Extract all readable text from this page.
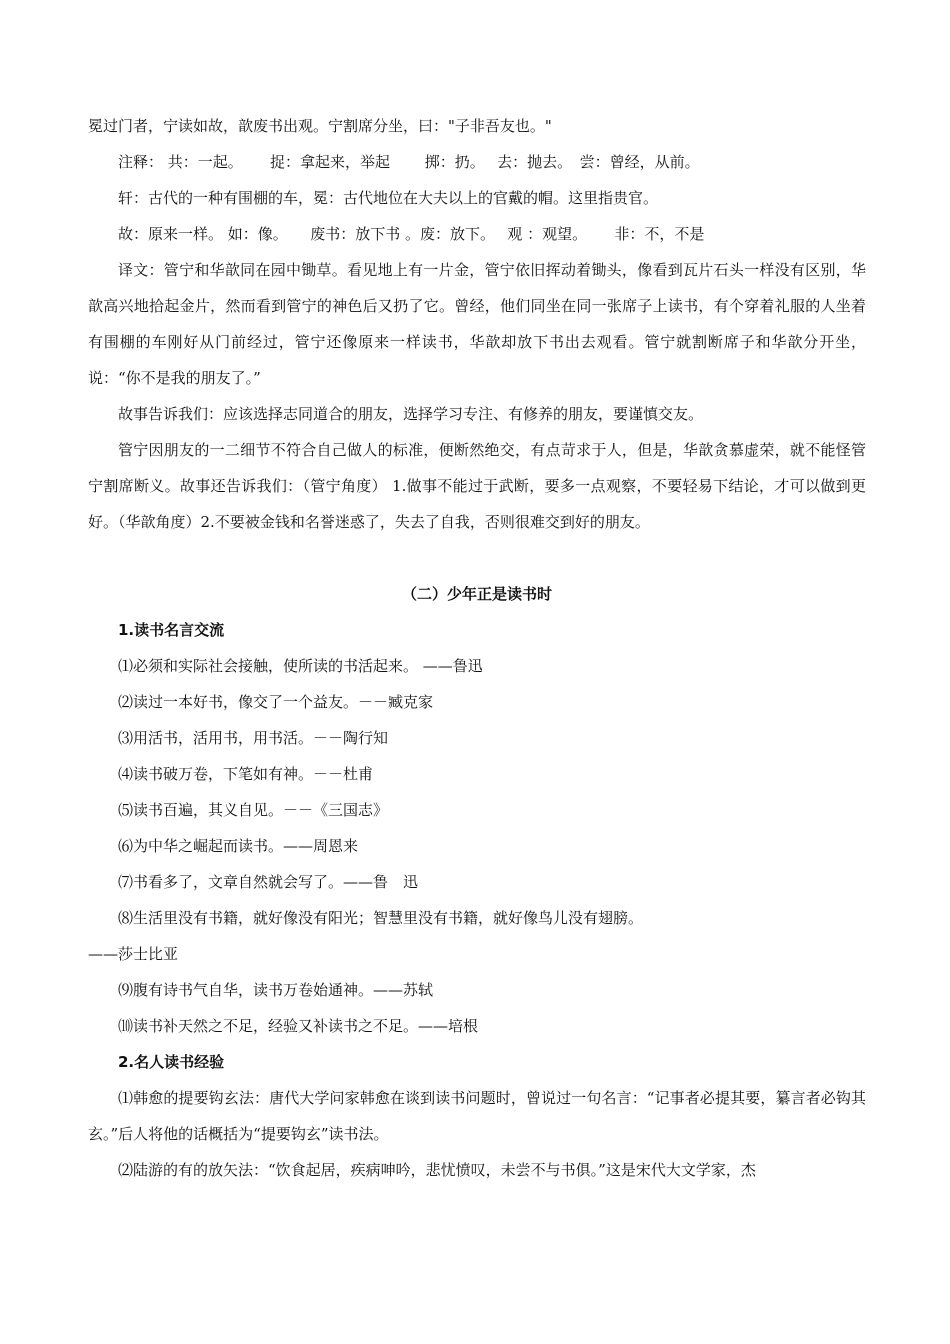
冕过门者，宁读如故，歆废书出观。宁割席分坐，曰："子非吾友也。"

注释： 共：一起。　　 捉：拿起来，举起　　 掷：扔。　 去：抛去。　尝：曾经，从前。

轩：古代的一种有围棚的车，冕：古代地位在大夫以上的官戴的帽。这里指贵官。

故：原来一样。 如：像。　　废书：放下书 。废：放下。　 观 ：观望。　　 非：不，不是

译文：管宁和华歆同在园中锄草。看见地上有一片金，管宁依旧挥动着锄头，像看到瓦片石头一样没有区别，华歆高兴地拾起金片，然而看到管宁的神色后又扔了它。曾经，他们同坐在同一张席子上读书，有个穿着礼服的人坐着有围棚的车刚好从门前经过，管宁还像原来一样读书，华歆却放下书出去观看。管宁就割断席子和华歆分开坐，说：“你不是我的朋友了。”

故事告诉我们：应该选择志同道合的朋友，选择学习专注、有修养的朋友，要谨慎交友。

管宁因朋友的一二细节不符合自己做人的标准，便断然绝交，有点苛求于人，但是，华歆贪慕虚荣，就不能怪管宁割席断义。故事还告诉我们：（管宁角度） 1.做事不能过于武断，要多一点观察，不要轻易下结论，才可以做到更好。（华歆角度）2.不要被金钱和名誉迷惑了，失去了自我，否则很难交到好的朋友。

（二）少年正是读书时

1.读书名言交流

⑴必须和实际社会接触，使所读的书活起来。 ——鲁迅

⑵读过一本好书，像交了一个益友。－－臧克家

⑶用活书，活用书，用书活。－－陶行知

⑷读书破万卷，下笔如有神。－－杜甫

⑸读书百遍，其义自见。－－《三国志》

⑹为中华之崛起而读书。——周恩来

⑺书看多了，文章自然就会写了。——鲁　迅

⑻生活里没有书籍，就好像没有阳光；智慧里没有书籍，就好像鸟儿没有翅膀。

——莎士比亚

⑼腹有诗书气自华，读书万卷始通神。——苏轼

⑽读书补天然之不足，经验又补读书之不足。——培根

2.名人读书经验

⑴韩愈的提要钩玄法：唐代大学问家韩愈在谈到读书问题时，曾说过一句名言：“记事者必提其要，纂言者必钩其玄。”后人将他的话概括为“提要钩玄”读书法。

⑵陆游的有的放矢法：“饮食起居，疾病呻吟，悲忧愤叹，未尝不与书俱。”这是宋代大文学家，杰
